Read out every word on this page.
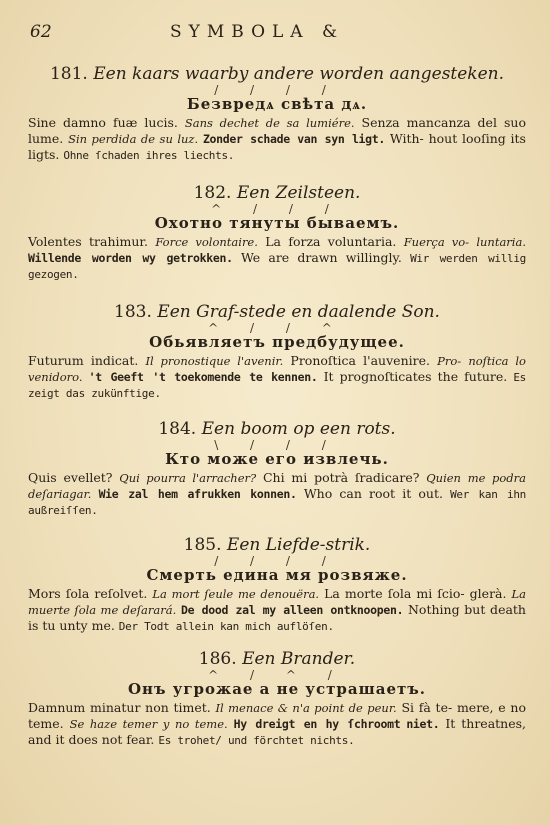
62	SYMBOLA &
181. Een kaars waarby andere worden aangesteken.
/ / / /
Безвредѧ свѣта дѧ.
Sine damno fuæ lucis. Sans dechet de sa lumiére. Senza mancanza del suo lume. Sin perdida de su luz. Zonder schade van syn ligt. With- hout looſing its ligts. Ohne ſchaden ihres liechts.
182. Een Zeilsteen.
^ / / /
Охотно тянуты бываемъ.
Volentes trahimur. Force volontaire. La forza voluntaria. Fuerça vo- luntaria. Willende worden wy getrokken. We are drawn willingly. Wir werden willig gezogen.
183. Een Graf-stede en daalende Son.
^ / / ^
Обьявляетъ предбудущее.
Futurum indicat. Il pronostique l'avenir. Pronoſtica l'auvenire. Pro- noſtica lo venidoro. 't Geeft 't toekomende te kennen. It prognoſticates the future. Es zeigt das zukünftige.
184. Een boom op een rots.
\ / / /
Кто може его извлечь.
Quis evellet? Qui pourra l'arracher? Chi mi potrà ſradicare? Quien me podra deſariagar. Wie zal hem afrukken konnen. Who can root it out. Wer kan ihn außreiſſen.
185. Een Liefde-strik.
/ / / /
Смерть едина мя розвяже.
Mors ſola reſolvet. La mort ſeule me denouëra. La morte ſola mi ſcio- glerà. La muerte ſola me deſarará. De dood zal my alleen ontknoopen. Nothing but death is tu unty me. Der Todt allein kan mich auflöſen.
186. Een Brander.
^ / ^ /
Онъ угрожае а не устрашаетъ.
Damnum minatur non timet. Il menace & n'a point de peur. Si fà te- mere, e no teme. Se haze temer y no teme. Hy dreigt en hy ſchroomt niet. It threatnes, and it does not fear. Es trohet/ und förchtet nichts.
